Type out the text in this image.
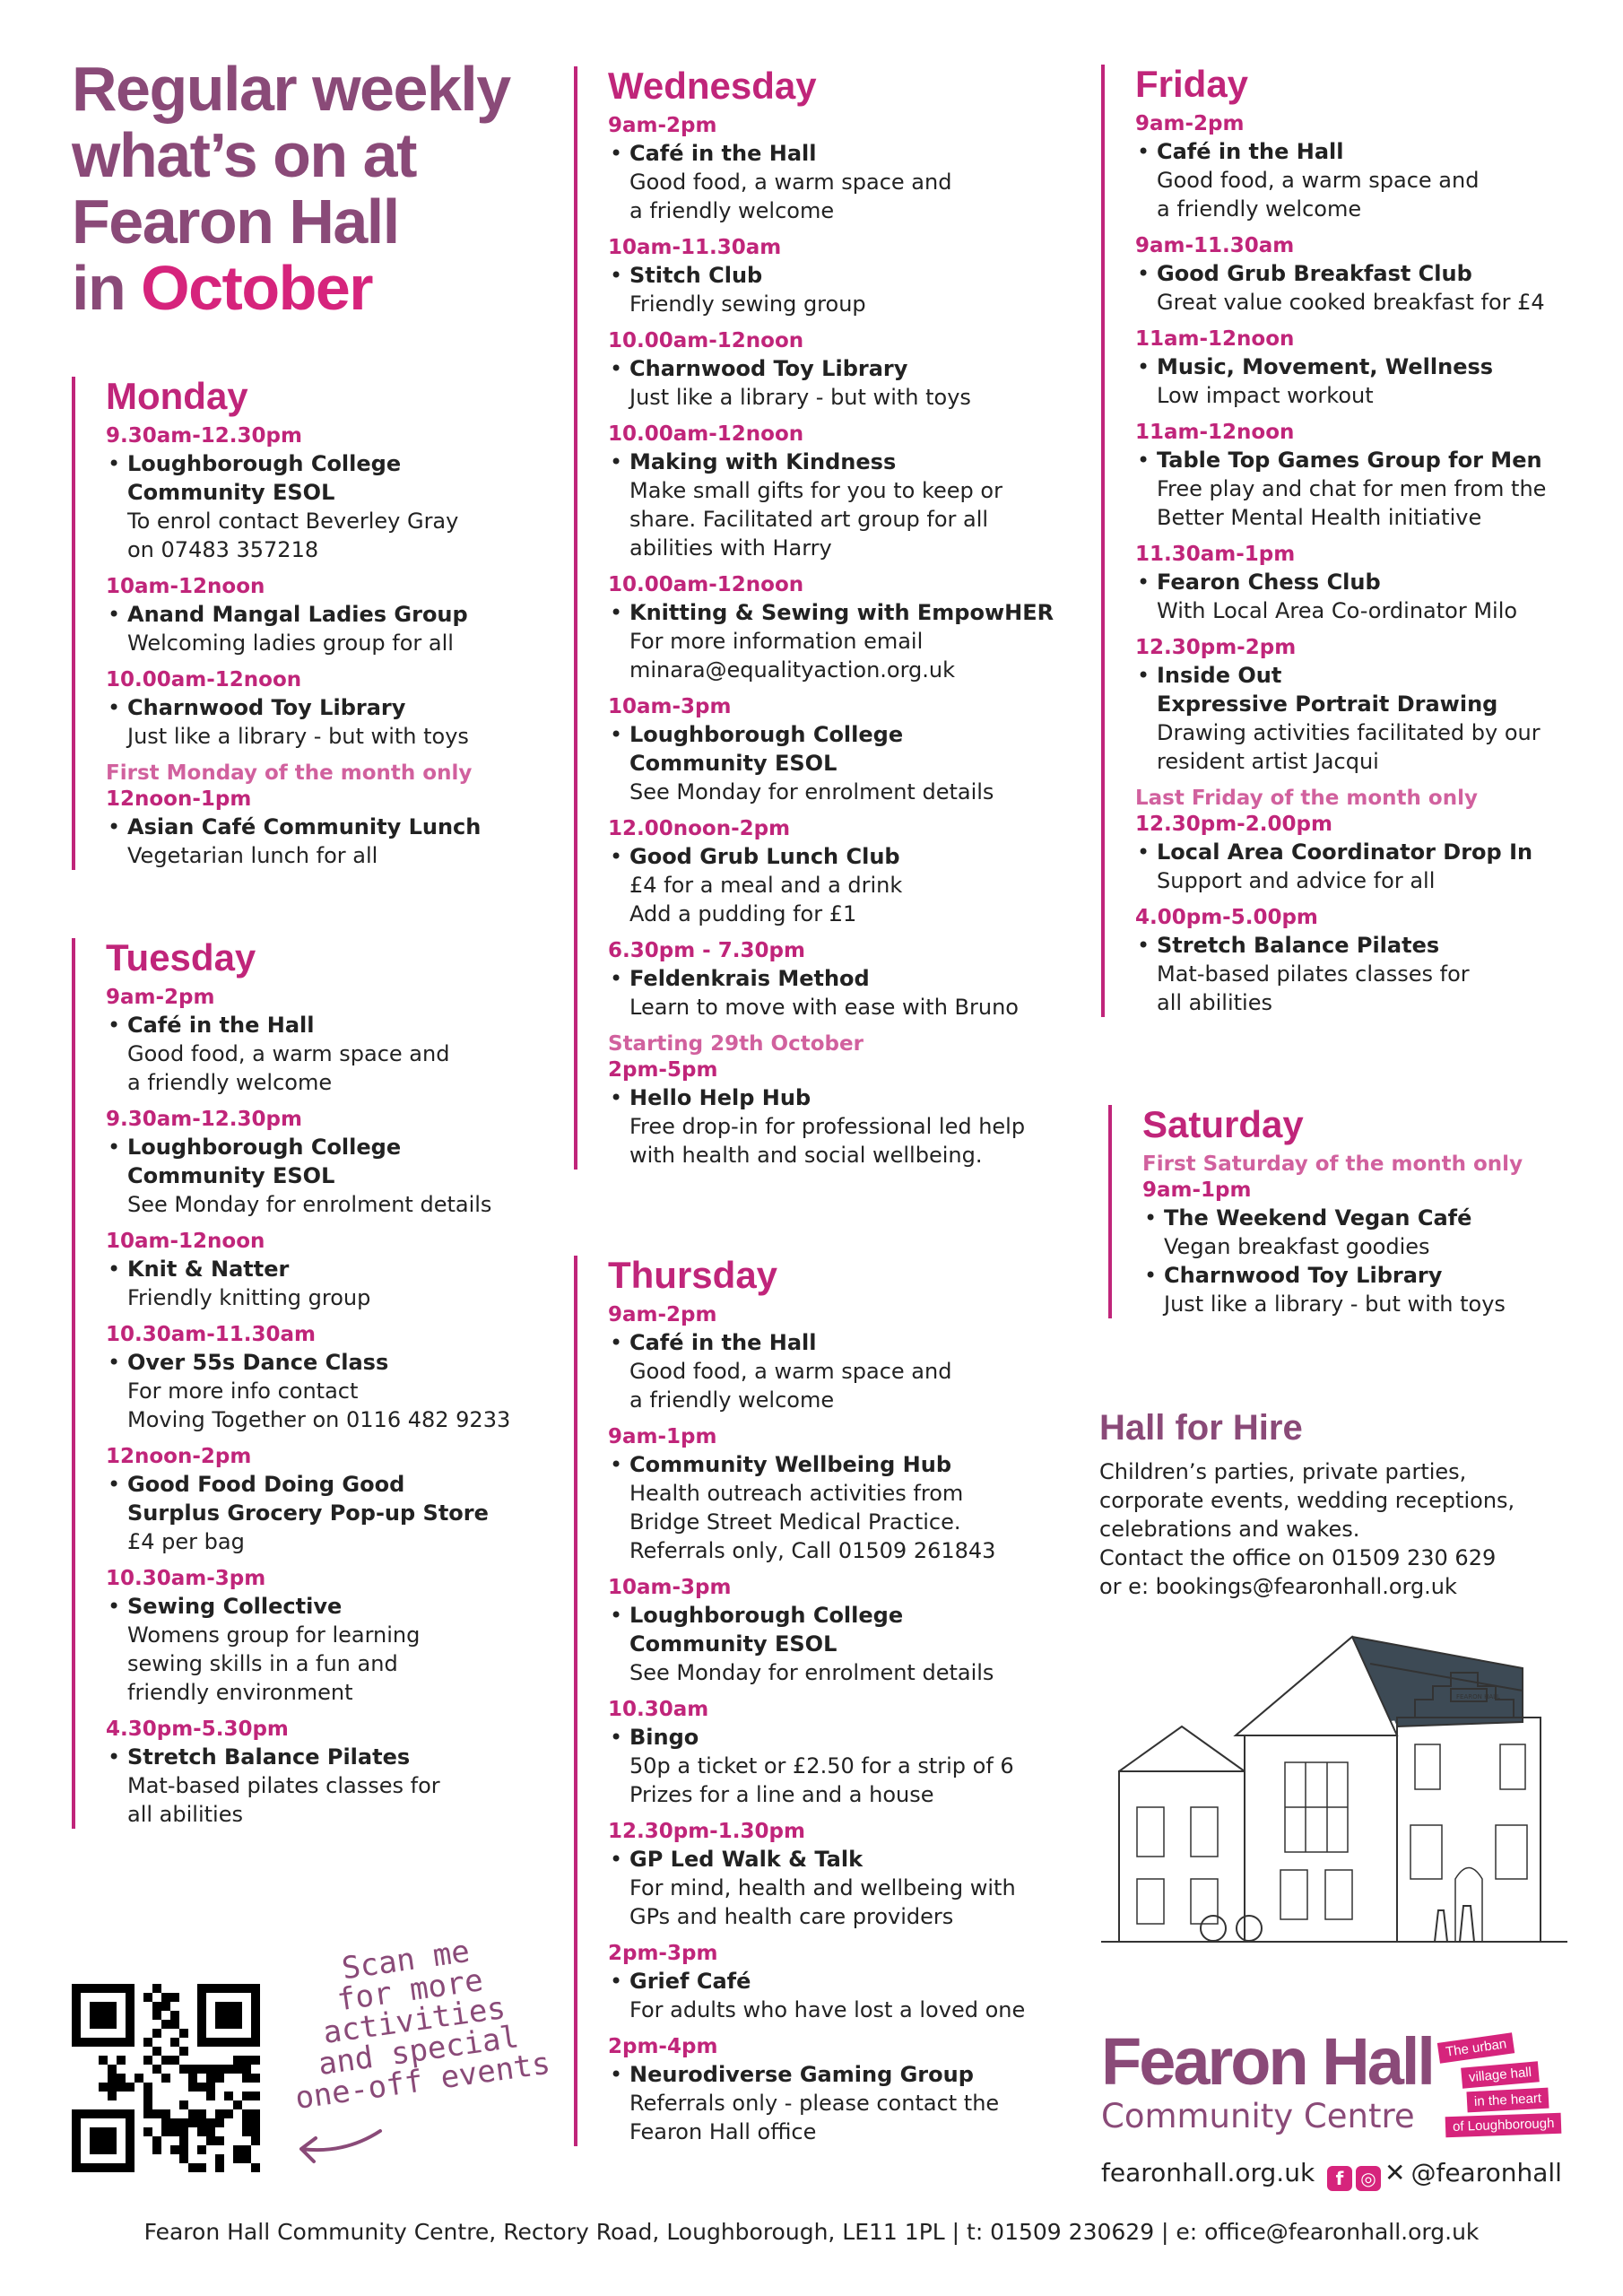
Regular weekly
what’s on at
Fearon Hall
in October
Monday
9.30am-12.30pm
• Loughborough College
Community ESOL
To enrol contact Beverley Gray
on 07483 357218
10am-12noon
• Anand Mangal Ladies Group
Welcoming ladies group for all
10.00am-12noon
• Charnwood Toy Library
Just like a library - but with toys
First Monday of the month only
12noon-1pm
• Asian Café Community Lunch
Vegetarian lunch for all
Tuesday
9am-2pm
• Café in the Hall
Good food, a warm space and
a friendly welcome
9.30am-12.30pm
• Loughborough College
Community ESOL
See Monday for enrolment details
10am-12noon
• Knit & Natter
Friendly knitting group
10.30am-11.30am
• Over 55s Dance Class
For more info contact
Moving Together on 0116 482 9233
12noon-2pm
• Good Food Doing Good
Surplus Grocery Pop-up Store
£4 per bag
10.30am-3pm
• Sewing Collective
Womens group for learning
sewing skills in a fun and
friendly environment
4.30pm-5.30pm
• Stretch Balance Pilates
Mat-based pilates classes for
all abilities
Wednesday
9am-2pm
• Café in the Hall
Good food, a warm space and
a friendly welcome
10am-11.30am
• Stitch Club
Friendly sewing group
10.00am-12noon
• Charnwood Toy Library
Just like a library - but with toys
10.00am-12noon
• Making with Kindness
Make small gifts for you to keep or
share. Facilitated art group for all
abilities with Harry
10.00am-12noon
• Knitting & Sewing with EmpowHER
For more information email
minara@equalityaction.org.uk
10am-3pm
• Loughborough College
Community ESOL
See Monday for enrolment details
12.00noon-2pm
• Good Grub Lunch Club
£4 for a meal and a drink
Add a pudding for £1
6.30pm - 7.30pm
• Feldenkrais Method
Learn to move with ease with Bruno
Starting 29th October
2pm-5pm
• Hello Help Hub
Free drop-in for professional led help
with health and social wellbeing.
Thursday
9am-2pm
• Café in the Hall
Good food, a warm space and
a friendly welcome
9am-1pm
• Community Wellbeing Hub
Health outreach activities from
Bridge Street Medical Practice.
Referrals only, Call 01509 261843
10am-3pm
• Loughborough College
Community ESOL
See Monday for enrolment details
10.30am
• Bingo
50p a ticket or £2.50 for a strip of 6
Prizes for a line and a house
12.30pm-1.30pm
• GP Led Walk & Talk
For mind, health and wellbeing with
GPs and health care providers
2pm-3pm
• Grief Café
For adults who have lost a loved one
2pm-4pm
• Neurodiverse Gaming Group
Referrals only - please contact the
Fearon Hall office
Friday
9am-2pm
• Café in the Hall
Good food, a warm space and
a friendly welcome
9am-11.30am
• Good Grub Breakfast Club
Great value cooked breakfast for £4
11am-12noon
• Music, Movement, Wellness
Low impact workout
11am-12noon
• Table Top Games Group for Men
Free play and chat for men from the
Better Mental Health initiative
11.30am-1pm
• Fearon Chess Club
With Local Area Co-ordinator Milo
12.30pm-2pm
• Inside Out
Expressive Portrait Drawing
Drawing activities facilitated by our
resident artist Jacqui
Last Friday of the month only
12.30pm-2.00pm
• Local Area Coordinator Drop In
Support and advice for all
4.00pm-5.00pm
• Stretch Balance Pilates
Mat-based pilates classes for
all abilities
Saturday
First Saturday of the month only
9am-1pm
• The Weekend Vegan Café
Vegan breakfast goodies
• Charnwood Toy Library
Just like a library - but with toys
Hall for Hire
Children’s parties, private parties,
corporate events, wedding receptions,
celebrations and wakes.
Contact the office on 01509 230 629
or e: bookings@fearonhall.org.uk
FEARON HALL
Fearon Hall
Community Centre
The urban
village hall
in the heart
of Loughborough
fearonhall.org.uk	f ◎ ✕ @fearonhall
Scan me
for more
activities
and special
one-off events
Fearon Hall Community Centre, Rectory Road, Loughborough, LE11 1PL | t: 01509 230629 | e: office@fearonhall.org.uk
